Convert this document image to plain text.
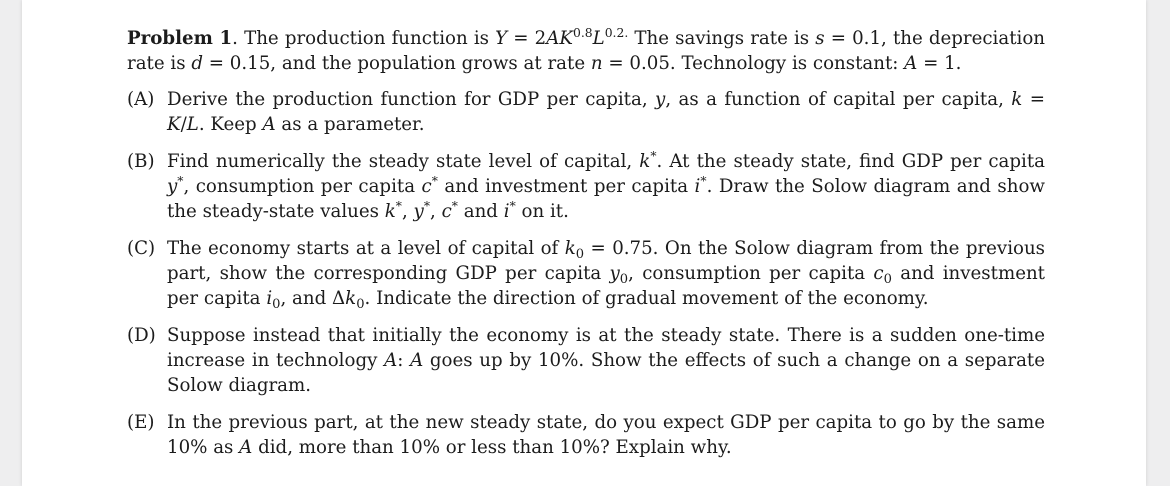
Problem 1. The production function is $Y = 2AK^{0.8}L^{0.2.}$ The savings rate is s = 0.1, the depreciation rate is d = 0.15, and the population grows at rate n = 0.05. Technology is constant: A = 1.

(A) Derive the production function for GDP per capita, y, as a function of capital per capita, k = K/L. Keep A as a parameter.
(B) Find numerically the steady state level of capital, k*. At the steady state, find GDP per capita y*, consumption per capita c* and investment per capita i*. Draw the Solow diagram and show the steady-state values k*, y*, c* and i* on it.
(C) The economy starts at a level of capital of $k_0 = 0.75$. On the Solow diagram from the previous part, show the corresponding GDP per capita $y_0$, consumption per capita $c_0$ and investment per capita $i_0$, and $\Delta k_0$. Indicate the direction of gradual movement of the economy.
(D) Suppose instead that initially the economy is at the steady state. There is a sudden one-time increase in technology A: A goes up by 10%. Show the effects of such a change on a separate Solow diagram.
(E) In the previous part, at the new steady state, do you expect GDP per capita to go by the same 10% as A did, more than 10% or less than 10%? Explain why.
